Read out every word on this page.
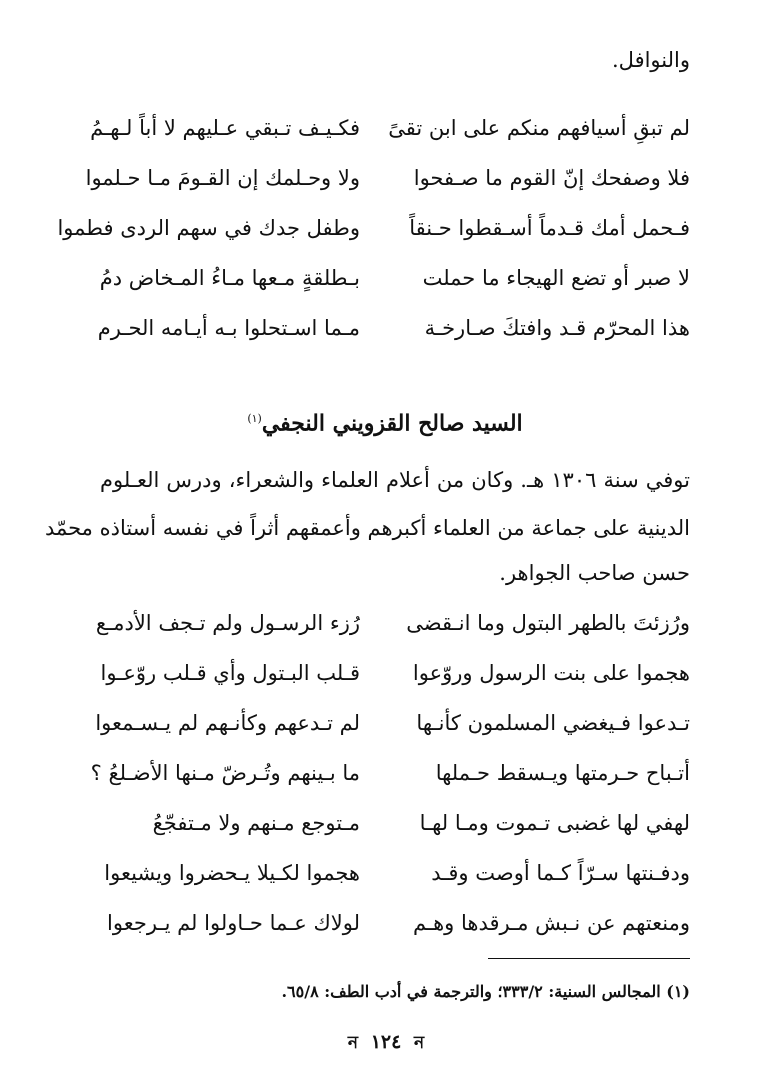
والنوافل.
لم تبقِ أسيافهم منكم على ابن تقىً
فكـيـف تـبقي عـليهم لا أباً لـهـمُ
فلا وصفحك إنّ القوم ما صـفحوا
ولا وحـلمك إن القـومَ مـا حـلموا
فـحمل أمك قـدماً أسـقطوا حـنقاً
وطفل جدك في سهم الردى فطموا
لا صبر أو تضع الهيجاء ما حملت
بـطلقةٍ مـعها مـاءُ المـخاض دمُ
هذا المحرّم قـد وافتكَ صـارخـة
مـما اسـتحلوا بـه أيـامه الحـرم
السيد صالح القزويني النجفي$^{(١)}$
توفي سنة ١٣٠٦ هـ. وكان من أعلام العلماء والشعراء، ودرس العـلوم
الدينية على جماعة من العلماء أكبرهم وأعمقهم أثراً في نفسه أستاذه محمّد
حسن صاحب الجواهر.
ورُزئتَ بالطهر البتول وما انـقضى
رُزء الرسـول ولم تـجف الأدمـع
هجموا على بنت الرسول وروّعوا
قـلب البـتول وأي قـلب روّعـوا
تـدعوا فـيغضي المسلمون كأنـها
لم تـدعهم وكأنـهم لم يـسـمعوا
أتـباح حـرمتها ويـسقط حـملها
ما بـينهم وتُـرضّ مـنها الأضـلعُ ؟
لهفي لها غضبى تـموت ومـا لهـا
مـتوجع مـنهم ولا مـتفجّعُ
ودفـنتها سـرّاً كـما أوصت وقـد
هجموا لكـيلا يـحضروا ويشيعوا
ومنعتهم عن نـبش مـرقدها وهـم
لولاك عـما حـاولوا لم يـرجعوا
(١) المجالس السنية: ٣٣٣/٢؛ والترجمة في أدب الطف: ٦٥/٨.
ন ١٢٤ ন
